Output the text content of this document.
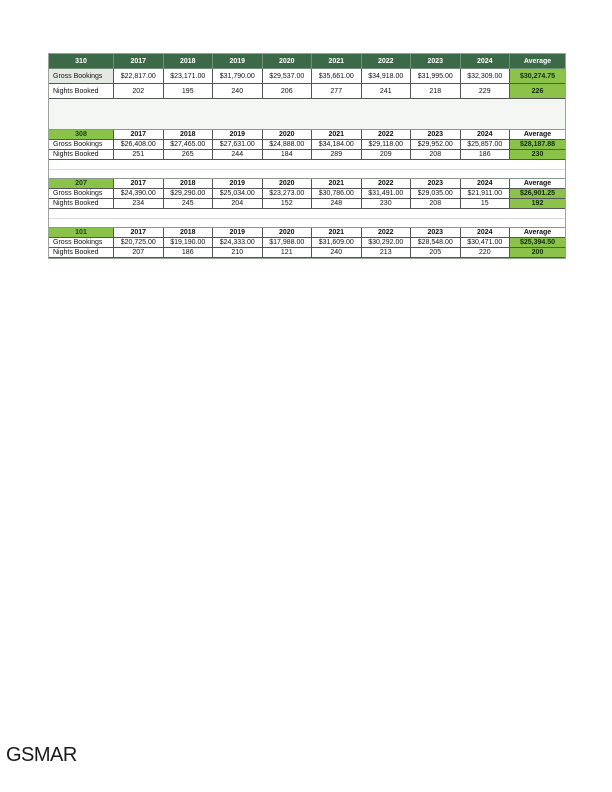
310	2017	2018	2019	2020	2021	2022	2023	2024	Average
Gross Bookings	$22,817.00	$23,171.00	$31,790.00	$29,537.00	$35,661.00	$34,918.00	$31,995.00	$32,309.00	$30,274.75
Nights Booked	202	195	240	206	277	241	218	229	226
308	2017	2018	2019	2020	2021	2022	2023	2024	Average
Gross Bookings	$26,408.00	$27,465.00	$27,631.00	$24,888.00	$34,184.00	$29,118.00	$29,952.00	$25,857.00	$28,187.88
Nights Booked	251	265	244	184	289	209	208	186	230
207	2017	2018	2019	2020	2021	2022	2023	2024	Average
Gross Bookings	$24,390.00	$29,290.00	$25,034.00	$23,273.00	$30,786.00	$31,491.00	$29,035.00	$21,911.00	$26,901.25
Nights Booked	234	245	204	152	248	230	208	15	192
101	2017	2018	2019	2020	2021	2022	2023	2024	Average
Gross Bookings	$20,725.00	$19,190.00	$24,333.00	$17,988.00	$31,609.00	$30,292.00	$28,548.00	$30,471.00	$25,394.50
Nights Booked	207	186	210	121	240	213	205	220	200
GSMAR
